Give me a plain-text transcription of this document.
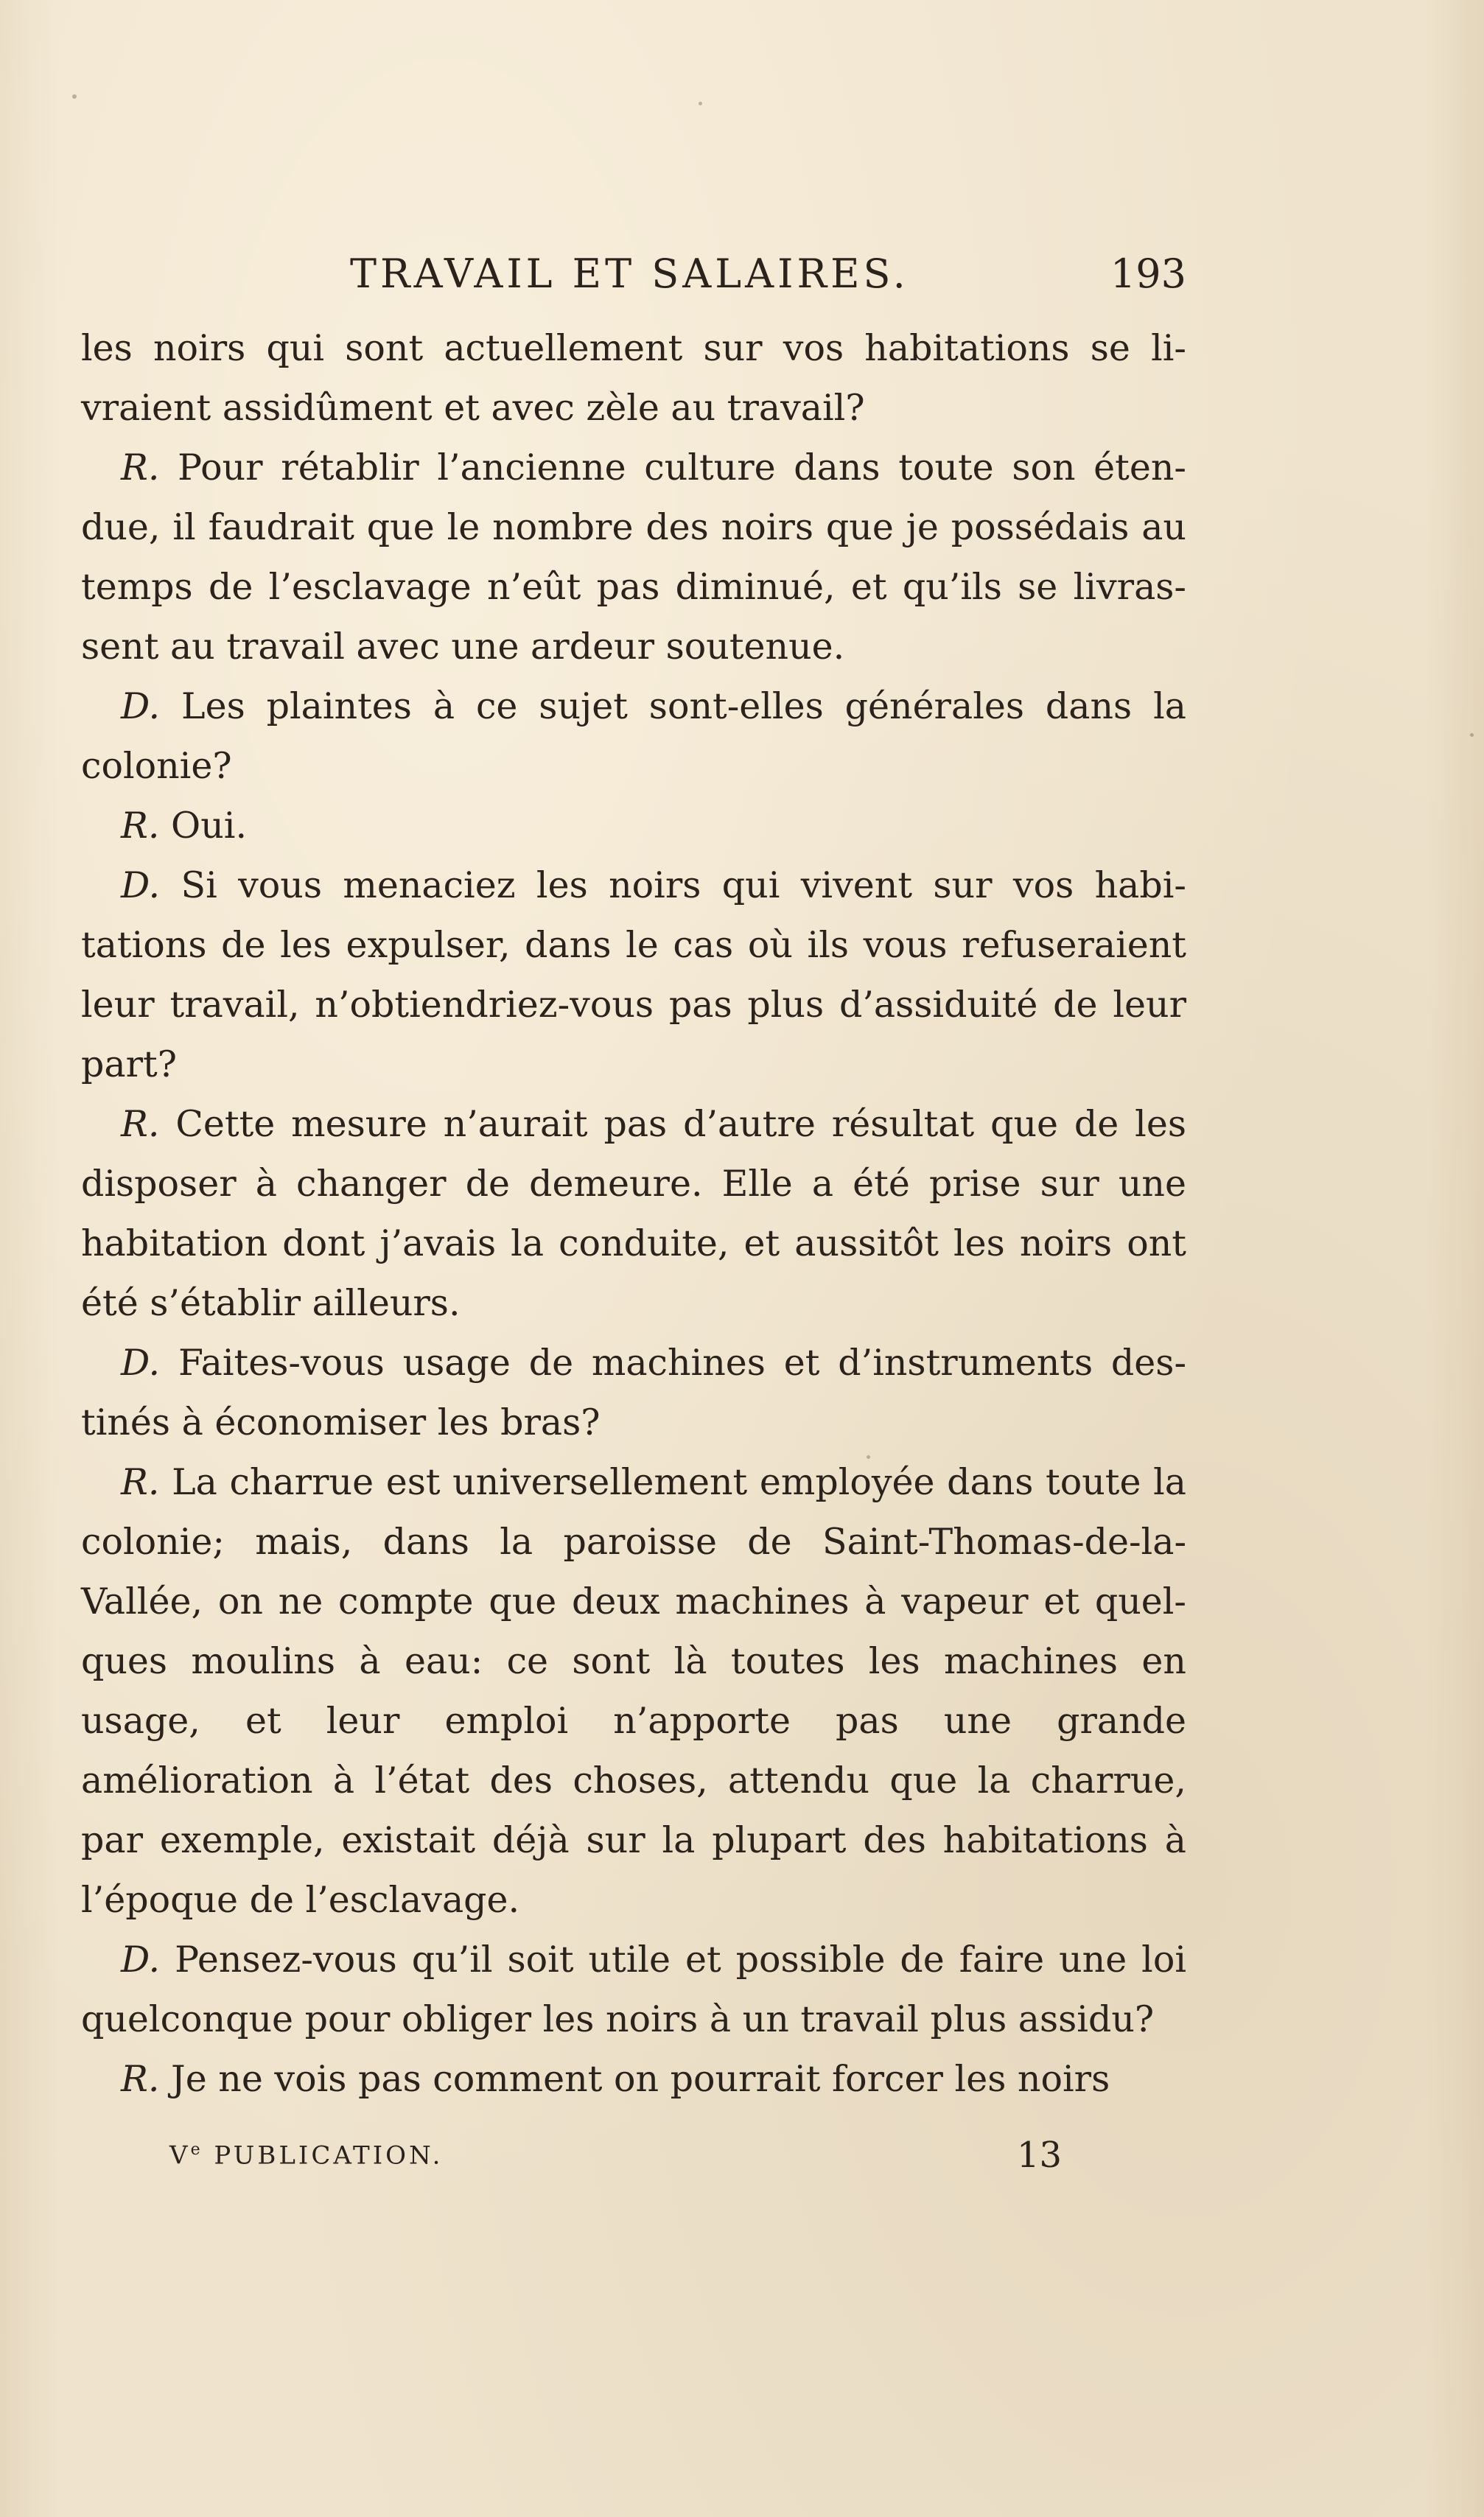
TRAVAIL ET SALAIRES.	193

les noirs qui sont actuellement sur vos habitations se li-vraient assidûment et avec zèle au travail?

R. Pour rétablir l’ancienne culture dans toute son éten-due, il faudrait que le nombre des noirs que je possédais au temps de l’esclavage n’eût pas diminué, et qu’ils se livras-sent au travail avec une ardeur soutenue.

D. Les plaintes à ce sujet sont-elles générales dans la colonie?

R. Oui.

D. Si vous menaciez les noirs qui vivent sur vos habi-tations de les expulser, dans le cas où ils vous refuseraient leur travail, n’obtiendriez-vous pas plus d’assiduité de leur part?

R. Cette mesure n’aurait pas d’autre résultat que de les disposer à changer de demeure. Elle a été prise sur une habitation dont j’avais la conduite, et aussitôt les noirs ont été s’établir ailleurs.

D. Faites-vous usage de machines et d’instruments des-tinés à économiser les bras?

R. La charrue est universellement employée dans toute la colonie; mais, dans la paroisse de Saint-Thomas-de-la-Vallée, on ne compte que deux machines à vapeur et quel-ques moulins à eau: ce sont là toutes les machines en usage, et leur emploi n’apporte pas une grande amélioration à l’état des choses, attendu que la charrue, par exemple, existait déjà sur la plupart des habitations à l’époque de l’esclavage.

D. Pensez-vous qu’il soit utile et possible de faire une loi quelconque pour obliger les noirs à un travail plus assidu?

R. Je ne vois pas comment on pourrait forcer les noirs

Ve PUBLICATION.	13
